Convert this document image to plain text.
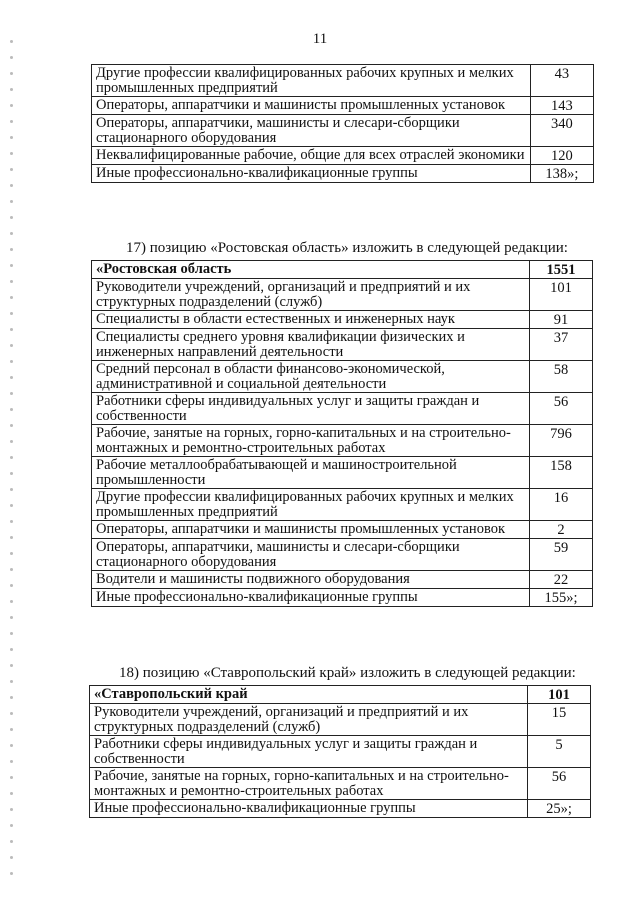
11
Другие профессии квалифицированных рабочих крупных и мелких промышленных предприятий	43
Операторы, аппаратчики и машинисты промышленных установок	143
Операторы, аппаратчики, машинисты и слесари-сборщики стационарного оборудования	340
Неквалифицированные рабочие, общие для всех отраслей экономики	120
Иные профессионально-квалификационные группы	138»;
17) позицию «Ростовская область» изложить в следующей редакции:
«Ростовская область	1551
Руководители учреждений, организаций и предприятий и их структурных подразделений (служб)	101
Специалисты в области естественных и инженерных наук	91
Специалисты среднего уровня квалификации физических и инженерных направлений деятельности	37
Средний персонал в области финансово-экономической, административной и социальной деятельности	58
Работники сферы индивидуальных услуг и защиты граждан и собственности	56
Рабочие, занятые на горных, горно-капитальных и на строительно-монтажных и ремонтно-строительных работах	796
Рабочие металлообрабатывающей и машиностроительной промышленности	158
Другие профессии квалифицированных рабочих крупных и мелких промышленных предприятий	16
Операторы, аппаратчики и машинисты промышленных установок	2
Операторы, аппаратчики, машинисты и слесари-сборщики стационарного оборудования	59
Водители и машинисты подвижного оборудования	22
Иные профессионально-квалификационные группы	155»;
18) позицию «Ставропольский край» изложить в следующей редакции:
«Ставропольский край	101
Руководители учреждений, организаций и предприятий и их структурных подразделений (служб)	15
Работники сферы индивидуальных услуг и защиты граждан и собственности	5
Рабочие, занятые на горных, горно-капитальных и на строительно-монтажных и ремонтно-строительных работах	56
Иные профессионально-квалификационные группы	25»;
